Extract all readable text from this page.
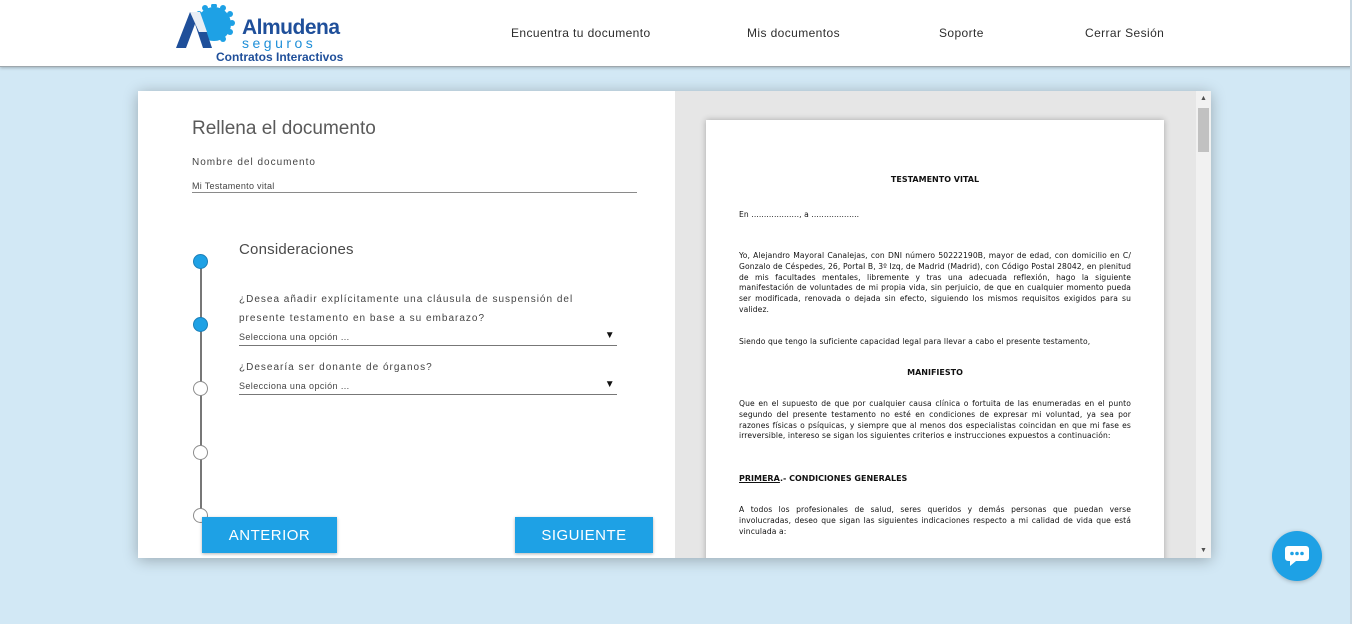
Almudena
seguros
Contratos Interactivos
Encuentra tu documento	Mis documentos	Soporte	Cerrar Sesión
Rellena el documento
Nombre del documento
Mi Testamento vital
Consideraciones
¿Desea añadir explícitamente una cláusula de suspensión del presente testamento en base a su embarazo?
Selecciona una opción ...	▼
¿Desearía ser donante de órganos?
Selecciona una opción ...	▼
ANTERIOR	SIGUIENTE
TESTAMENTO VITAL
En ..................., a ...................
Yo, Alejandro Mayoral Canalejas, con DNI número 50222190B, mayor de edad, con domicilio en C/ Gonzalo de Céspedes, 26, Portal B, 3º Izq, de Madrid (Madrid), con Código Postal 28042, en plenitud de mis facultades mentales, libremente y tras una adecuada reflexión, hago la siguiente manifestación de voluntades de mi propia vida, sin perjuicio, de que en cualquier momento pueda ser modificada, renovada o dejada sin efecto, siguiendo los mismos requisitos exigidos para su validez.
Siendo que tengo la suficiente capacidad legal para llevar a cabo el presente testamento,
MANIFIESTO
Que en el supuesto de que por cualquier causa clínica o fortuita de las enumeradas en el punto segundo del presente testamento no esté en condiciones de expresar mi voluntad, ya sea por razones físicas o psíquicas, y siempre que al menos dos especialistas coincidan en que mi fase es irreversible, intereso se sigan los siguientes criterios e instrucciones expuestos a continuación:
PRIMERA.- CONDICIONES GENERALES
A todos los profesionales de salud, seres queridos y demás personas que puedan verse involucradas, deseo que sigan las siguientes indicaciones respecto a mi calidad de vida que está vinculada a:
▲
▼
